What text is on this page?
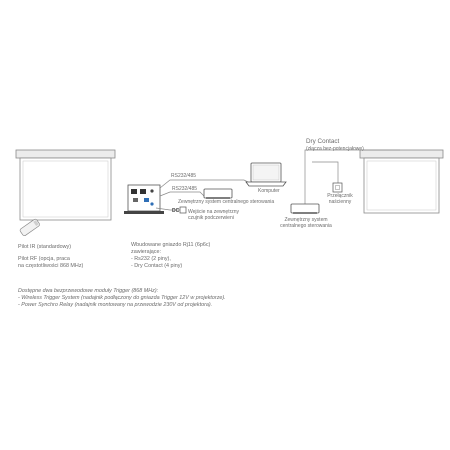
RS232/485
RS232/485	Komputer
Zewnętrzny system centralnego sterowania
DC Wejście na zewnętrzny
czujnik podczerwieni
Dry Contact
(złącza bez-potencjałowe)
Przełącznik
naścienny
Zewnętrzny system
centralnego sterowania
Pilot IR (standardowy)
Pilot RF (opcja, praca
na częstotliwości 868 MHz)
Wbudowane gniazdo Rj11 (6p6c)
zawierające:
- Rs232 (2 piny),
- Dry Contact (4 piny)
Dostępne dwa bezprzewodowe moduły Trigger (868 MHz):
- Wireless Trigger System (nadajnik podłączony do gniazda Trigger 12V w projektorze).
- Power Synchro Relay (nadajnik montowany na przewodzie 230V od projektora).
